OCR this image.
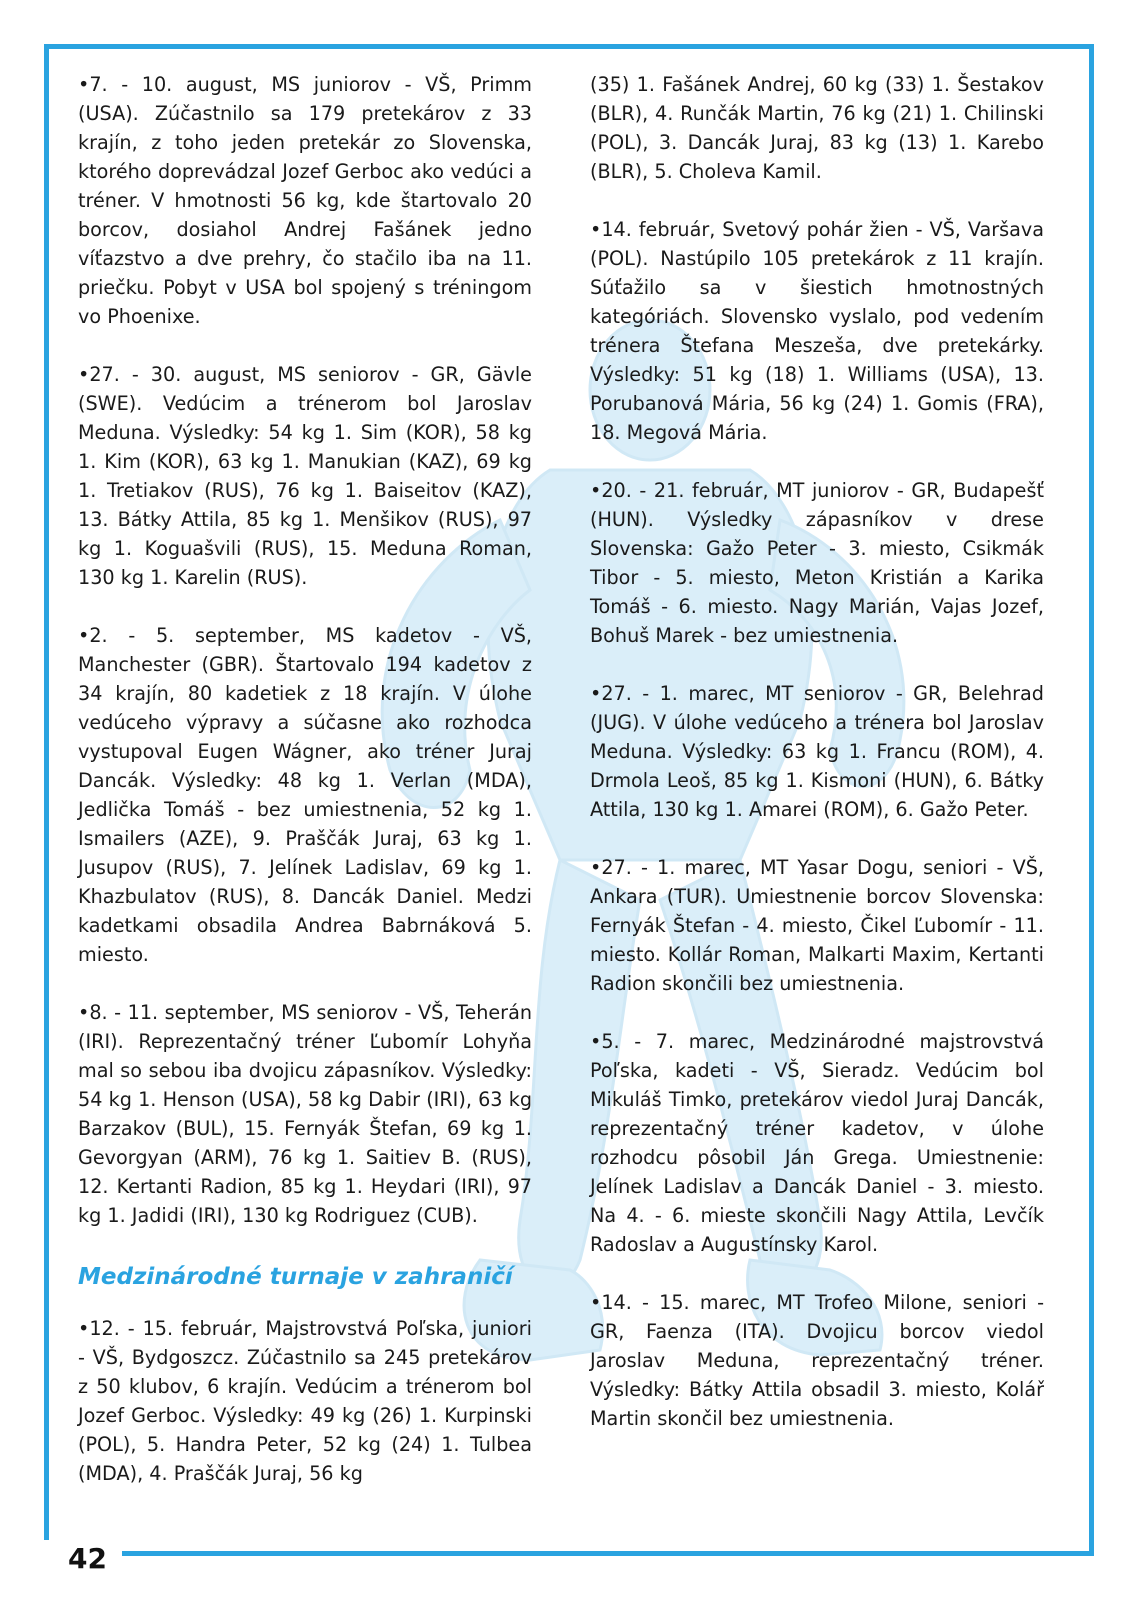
42

•7. - 10. august, MS juniorov - VŠ, Primm (USA). Zúčastnilo sa 179 pretekárov z 33 krajín, z toho jeden pretekár zo Slovenska, ktorého doprevádzal Jozef Gerboc ako vedúci a tréner. V hmotnosti 56 kg, kde štartovalo 20 borcov, dosiahol Andrej Fašánek jedno víťazstvo a dve prehry, čo stačilo iba na 11. priečku. Pobyt v USA bol spojený s tréningom vo Phoenixe.

•27. - 30. august, MS seniorov - GR, Gävle (SWE). Vedúcim a trénerom bol Jaroslav Meduna. Výsledky: 54 kg 1. Sim (KOR), 58 kg 1. Kim (KOR), 63 kg 1. Manukian (KAZ), 69 kg 1. Tretiakov (RUS), 76 kg 1. Baiseitov (KAZ), 13. Bátky Attila, 85 kg 1. Menšikov (RUS), 97 kg 1. Koguašvili (RUS), 15. Meduna Roman, 130 kg 1. Karelin (RUS).

•2. - 5. september, MS kadetov - VŠ, Manchester (GBR). Štartovalo 194 kadetov z 34 krajín, 80 kadetiek z 18 krajín. V úlohe vedúceho výpravy a súčasne ako rozhodca vystupoval Eugen Wágner, ako tréner Juraj Dancák. Výsledky: 48 kg 1. Verlan (MDA), Jedlička Tomáš - bez umiestnenia, 52 kg 1. Ismailers (AZE), 9. Praščák Juraj, 63 kg 1. Jusupov (RUS), 7. Jelínek Ladislav, 69 kg 1. Khazbulatov (RUS), 8. Dancák Daniel. Medzi kadetkami obsadila Andrea Babrnáková 5. miesto.

•8. - 11. september, MS seniorov - VŠ, Teherán (IRI). Reprezentačný tréner Ľubomír Lohyňa mal so sebou iba dvojicu zápasníkov. Výsledky: 54 kg 1. Henson (USA), 58 kg Dabir (IRI), 63 kg Barzakov (BUL), 15. Fernyák Štefan, 69 kg 1. Gevorgyan (ARM), 76 kg 1. Saitiev B. (RUS), 12. Kertanti Radion, 85 kg 1. Heydari (IRI), 97 kg 1. Jadidi (IRI), 130 kg Rodriguez (CUB).

Medzinárodné turnaje v zahraničí

•12. - 15. február, Majstrovstvá Poľska, juniori - VŠ, Bydgoszcz. Zúčastnilo sa 245 pretekárov z 50 klubov, 6 krajín. Vedúcim a trénerom bol Jozef Gerboc. Výsledky: 49 kg (26) 1. Kurpinski (POL), 5. Handra Peter, 52 kg (24) 1. Tulbea (MDA), 4. Praščák Juraj, 56 kg

(35) 1. Fašánek Andrej, 60 kg (33) 1. Šestakov (BLR), 4. Runčák Martin, 76 kg (21) 1. Chilinski (POL), 3. Dancák Juraj, 83 kg (13) 1. Karebo (BLR), 5. Choleva Kamil.

•14. február, Svetový pohár žien - VŠ, Varšava (POL). Nastúpilo 105 pretekárok z 11 krajín. Súťažilo sa v šiestich hmotnostných kategóriách. Slovensko vyslalo, pod vedením trénera Štefana Meszeša, dve pretekárky. Výsledky: 51 kg (18) 1. Williams (USA), 13. Porubanová Mária, 56 kg (24) 1. Gomis (FRA), 18. Megová Mária.

•20. - 21. február, MT juniorov - GR, Budapešť (HUN). Výsledky zápasníkov v drese Slovenska: Gažo Peter - 3. miesto, Csikmák Tibor - 5. miesto, Meton Kristián a Karika Tomáš - 6. miesto. Nagy Marián, Vajas Jozef, Bohuš Marek - bez umiestnenia.

•27. - 1. marec, MT seniorov - GR, Belehrad (JUG). V úlohe vedúceho a trénera bol Jaroslav Meduna. Výsledky: 63 kg 1. Francu (ROM), 4. Drmola Leoš, 85 kg 1. Kismoni (HUN), 6. Bátky Attila, 130 kg 1. Amarei (ROM), 6. Gažo Peter.

•27. - 1. marec, MT Yasar Dogu, seniori - VŠ, Ankara (TUR). Umiestnenie borcov Slovenska: Fernyák Štefan - 4. miesto, Čikel Ľubomír - 11. miesto. Kollár Roman, Malkarti Maxim, Kertanti Radion skončili bez umiestnenia.

•5. - 7. marec, Medzinárodné majstrovstvá Poľska, kadeti - VŠ, Sieradz. Vedúcim bol Mikuláš Timko, pretekárov viedol Juraj Dancák, reprezentačný tréner kadetov, v úlohe rozhodcu pôsobil Ján Grega. Umiestnenie: Jelínek Ladislav a Dancák Daniel - 3. miesto. Na 4. - 6. mieste skončili Nagy Attila, Levčík Radoslav a Augustínsky Karol.

•14. - 15. marec, MT Trofeo Milone, seniori - GR, Faenza (ITA). Dvojicu borcov viedol Jaroslav Meduna, reprezentačný tréner. Výsledky: Bátky Attila obsadil 3. miesto, Kolář Martin skončil bez umiestnenia.
